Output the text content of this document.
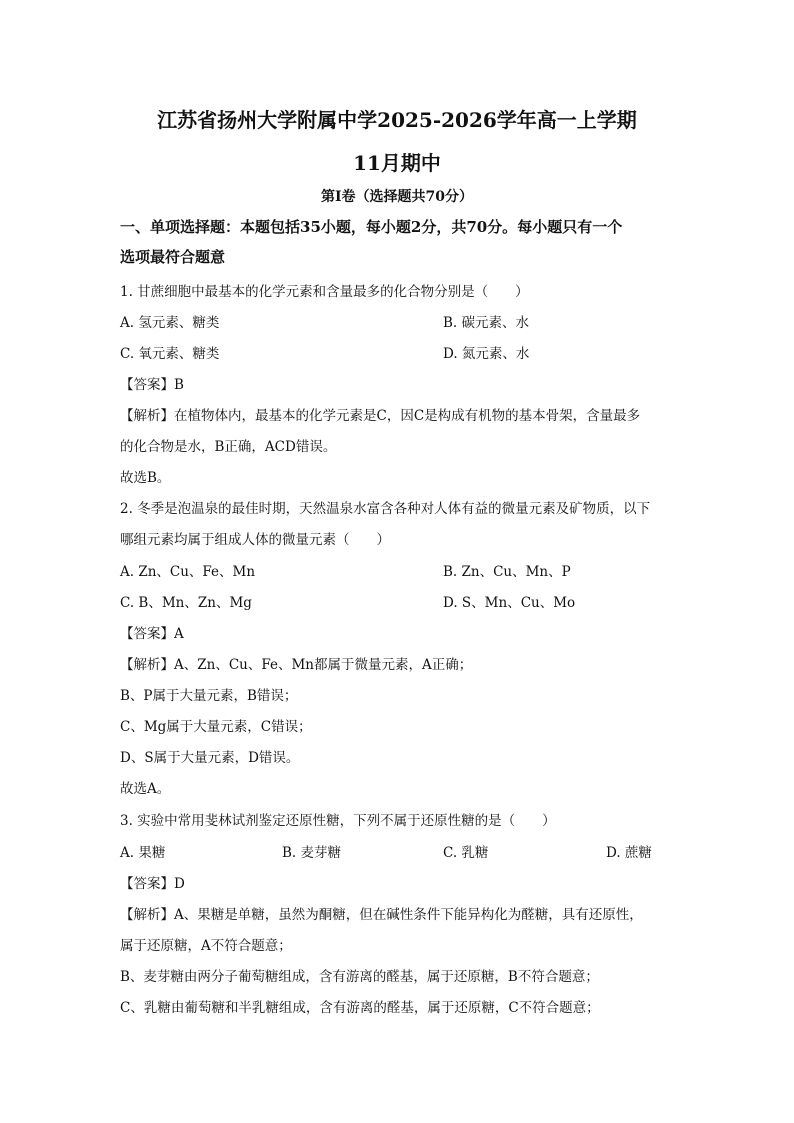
江苏省扬州大学附属中学2025-2026学年高一上学期
11月期中
第I卷（选择题共70分）
一、单项选择题：本题包括35小题，每小题2分，共70分。每小题只有一个
选项最符合题意
1. 甘蔗细胞中最基本的化学元素和含量最多的化合物分别是（　　）
A. 氢元素、糖类	B. 碳元素、水
C. 氧元素、糖类	D. 氮元素、水
【答案】B
【解析】在植物体内，最基本的化学元素是C，因C是构成有机物的基本骨架，含量最多
的化合物是水，B正确，ACD错误。
故选B。
2. 冬季是泡温泉的最佳时期，天然温泉水富含各种对人体有益的微量元素及矿物质，以下
哪组元素均属于组成人体的微量元素（　　）
A. Zn、Cu、Fe、Mn	B. Zn、Cu、Mn、P
C. B、Mn、Zn、Mg	D. S、Mn、Cu、Mo
【答案】A
【解析】A、Zn、Cu、Fe、Mn都属于微量元素，A正确；
B、P属于大量元素，B错误；
C、Mg属于大量元素，C错误；
D、S属于大量元素，D错误。
故选A。
3. 实验中常用斐林试剂鉴定还原性糖，下列不属于还原性糖的是（　　）
A. 果糖	B. 麦芽糖	C. 乳糖	D. 蔗糖
【答案】D
【解析】A、果糖是单糖，虽然为酮糖，但在碱性条件下能异构化为醛糖，具有还原性，
属于还原糖，A不符合题意；
B、麦芽糖由两分子葡萄糖组成，含有游离的醛基，属于还原糖，B不符合题意；
C、乳糖由葡萄糖和半乳糖组成，含有游离的醛基，属于还原糖，C不符合题意；
